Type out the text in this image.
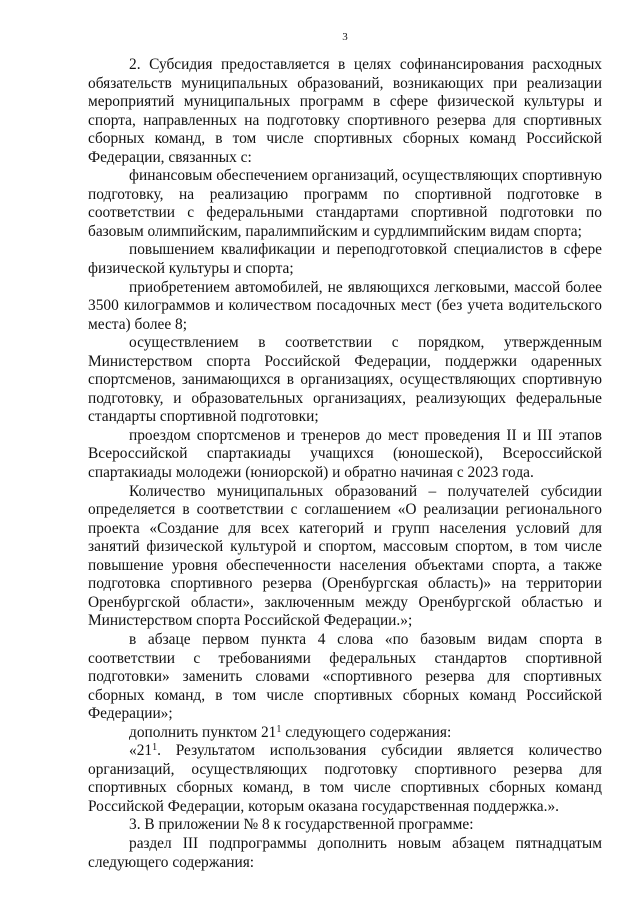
3

2. Субсидия предоставляется в целях софинансирования расходных обязательств муниципальных образований, возникающих при реализации мероприятий муниципальных программ в сфере физической культуры и спорта, направленных на подготовку спортивного резерва для спортивных сборных команд, в том числе спортивных сборных команд Российской Федерации, связанных с:

финансовым обеспечением организаций, осуществляющих спортивную подготовку, на реализацию программ по спортивной подготовке в соответствии с федеральными стандартами спортивной подготовки по базовым олимпийским, паралимпийским и сурдлимпийским видам спорта;

повышением квалификации и переподготовкой специалистов в сфере физической культуры и спорта;

приобретением автомобилей, не являющихся легковыми, массой более 3500 килограммов и количеством посадочных мест (без учета водительского места) более 8;

осуществлением в соответствии с порядком, утвержденным Министерством спорта Российской Федерации, поддержки одаренных спортсменов, занимающихся в организациях, осуществляющих спортивную подготовку, и образовательных организациях, реализующих федеральные стандарты спортивной подготовки;

проездом спортсменов и тренеров до мест проведения II и III этапов Всероссийской спартакиады учащихся (юношеской), Всероссийской спартакиады молодежи (юниорской) и обратно начиная с 2023 года.

Количество муниципальных образований – получателей субсидии определяется в соответствии с соглашением «О реализации регионального проекта «Создание для всех категорий и групп населения условий для занятий физической культурой и спортом, массовым спортом, в том числе повышение уровня обеспеченности населения объектами спорта, а также подготовка спортивного резерва (Оренбургская область)» на территории Оренбургской области», заключенным между Оренбургской областью и Министерством спорта Российской Федерации.»;

в абзаце первом пункта 4 слова «по базовым видам спорта в соответствии с требованиями федеральных стандартов спортивной подготовки» заменить словами «спортивного резерва для спортивных сборных команд, в том числе спортивных сборных команд Российской Федерации»;

дополнить пунктом $21^1$ следующего содержания:

«$21^1$. Результатом использования субсидии является количество организаций, осуществляющих подготовку спортивного резерва для спортивных сборных команд, в том числе спортивных сборных команд Российской Федерации, которым оказана государственная поддержка.».

3. В приложении № 8 к государственной программе:

раздел III подпрограммы дополнить новым абзацем пятнадцатым следующего содержания:
